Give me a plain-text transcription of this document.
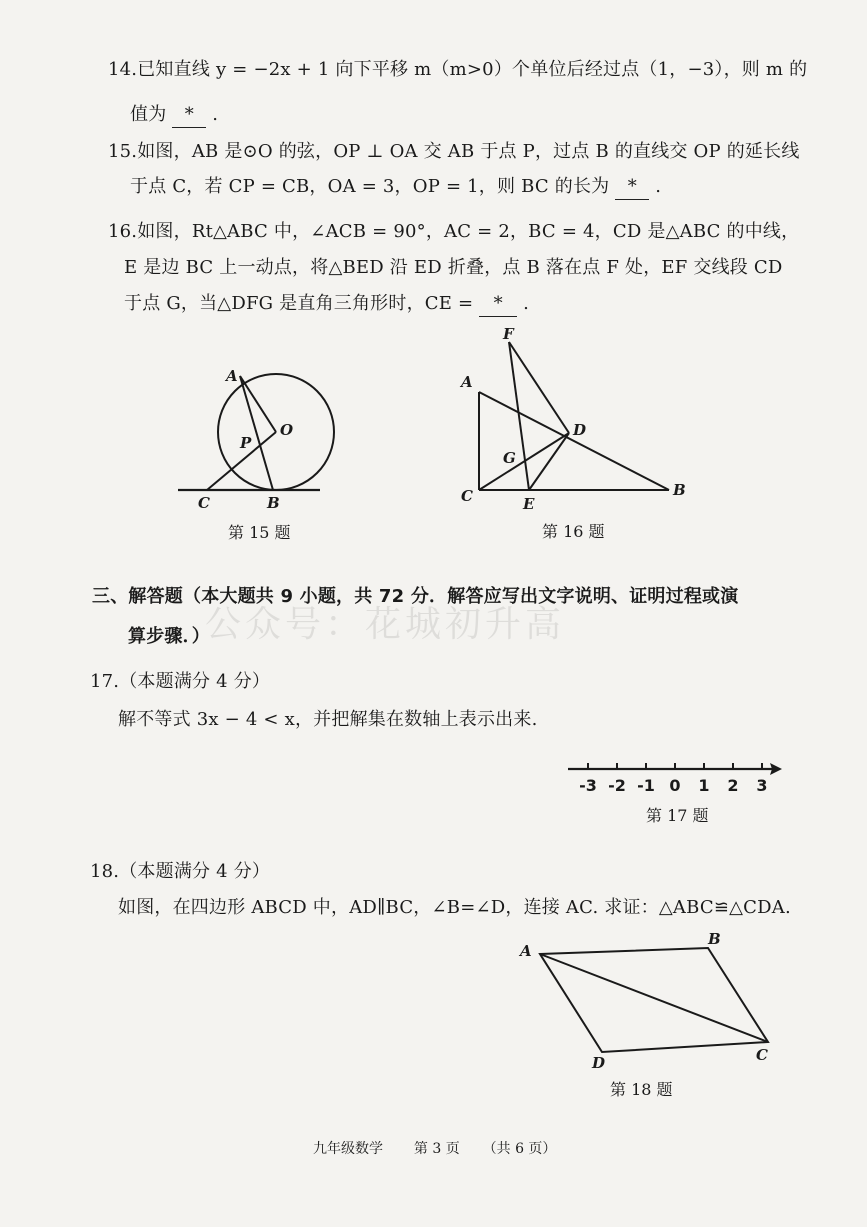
14.已知直线 y = −2x + 1 向下平移 m（m>0）个单位后经过点（1，−3），则 m 的
值为 * .
15.如图，AB 是⊙O 的弦，OP ⊥ OA 交 AB 于点 P，过点 B 的直线交 OP 的延长线
于点 C，若 CP = CB，OA = 3，OP = 1，则 BC 的长为 * .
16.如图，Rt△ABC 中，∠ACB = 90°，AC = 2，BC = 4，CD 是△ABC 的中线，
E 是边 BC 上一动点，将△BED 沿 ED 折叠，点 B 落在点 F 处，EF 交线段 CD
于点 G，当△DFG 是直角三角形时，CE = * .
A
O
P
C	B
第 15 题
F
A
D
G
C	E
B
第 16 题
公众号：花城初升高
三、解答题（本大题共 9 小题，共 72 分．解答应写出文字说明、证明过程或演
算步骤．）
17.（本题满分 4 分）
解不等式 3x − 4 < x，并把解集在数轴上表示出来.
-3 -2 -1 0 1 2 3
第 17 题
18.（本题满分 4 分）
如图，在四边形 ABCD 中，AD∥BC，∠B=∠D，连接 AC. 求证：△ABC≌△CDA.
A
B
C
D
第 18 题
九年级数学 第 3 页 （共 6 页）
